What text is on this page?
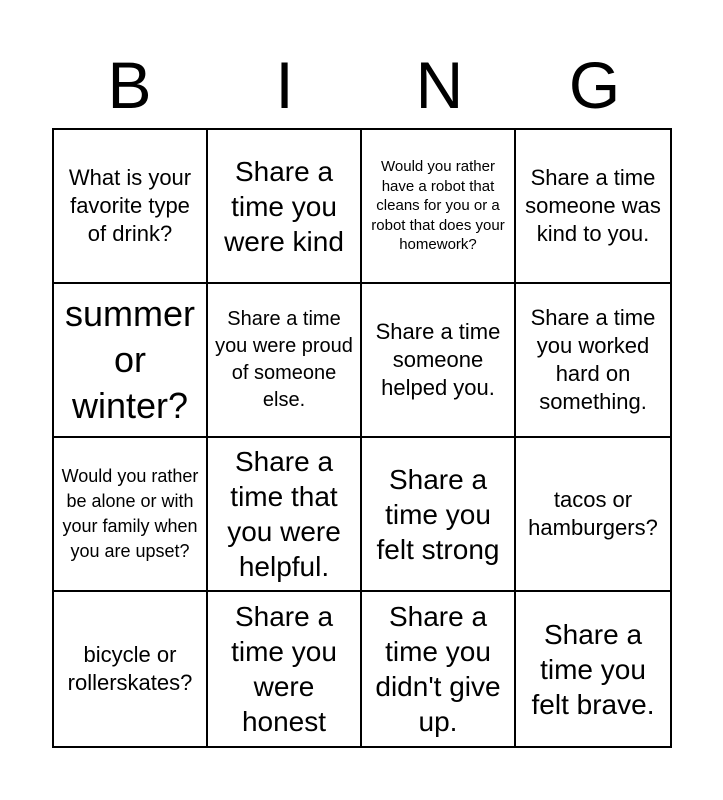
B	I	N	G
What is your favorite type of drink?
Share a time you were kind
Would you rather have a robot that cleans for you or a robot that does your homework?
Share a time someone was kind to you.
summer or winter?
Share a time you were proud of someone else.
Share a time someone helped you.
Share a time you worked hard on something.
Would you rather be alone or with your family when you are upset?
Share a time that you were helpful.
Share a time you felt strong
tacos or hamburgers?
bicycle or rollerskates?
Share a time you were honest
Share a time you didn't give up.
Share a time you felt brave.
